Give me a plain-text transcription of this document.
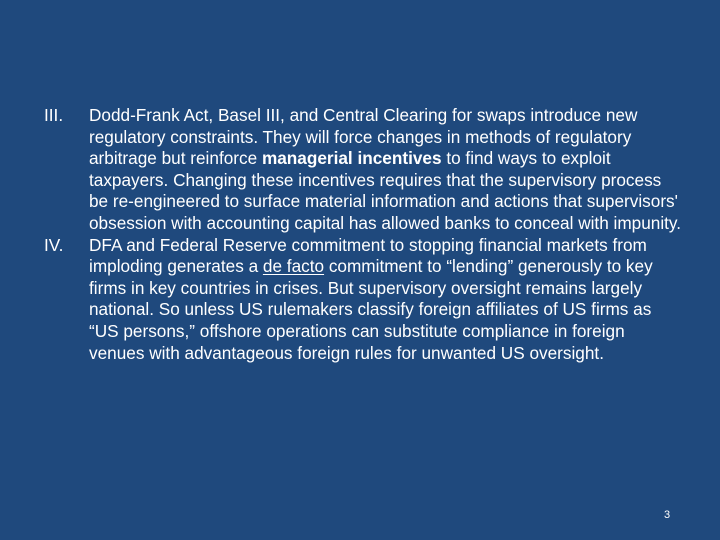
III.	Dodd-Frank Act, Basel III, and Central Clearing for swaps introduce new regulatory constraints. They will force changes in methods of regulatory arbitrage but reinforce managerial incentives to find ways to exploit taxpayers. Changing these incentives requires that the supervisory process be re-engineered to surface material information and actions that supervisors' obsession with accounting capital has allowed banks to conceal with impunity.
IV.	DFA and Federal Reserve commitment to stopping financial markets from imploding generates a de facto commitment to “lending” generously to key firms in key countries in crises. But supervisory oversight remains largely national. So unless US rulemakers classify foreign affiliates of US firms as “US persons,” offshore operations can substitute compliance in foreign venues with advantageous foreign rules for unwanted US oversight.
3
